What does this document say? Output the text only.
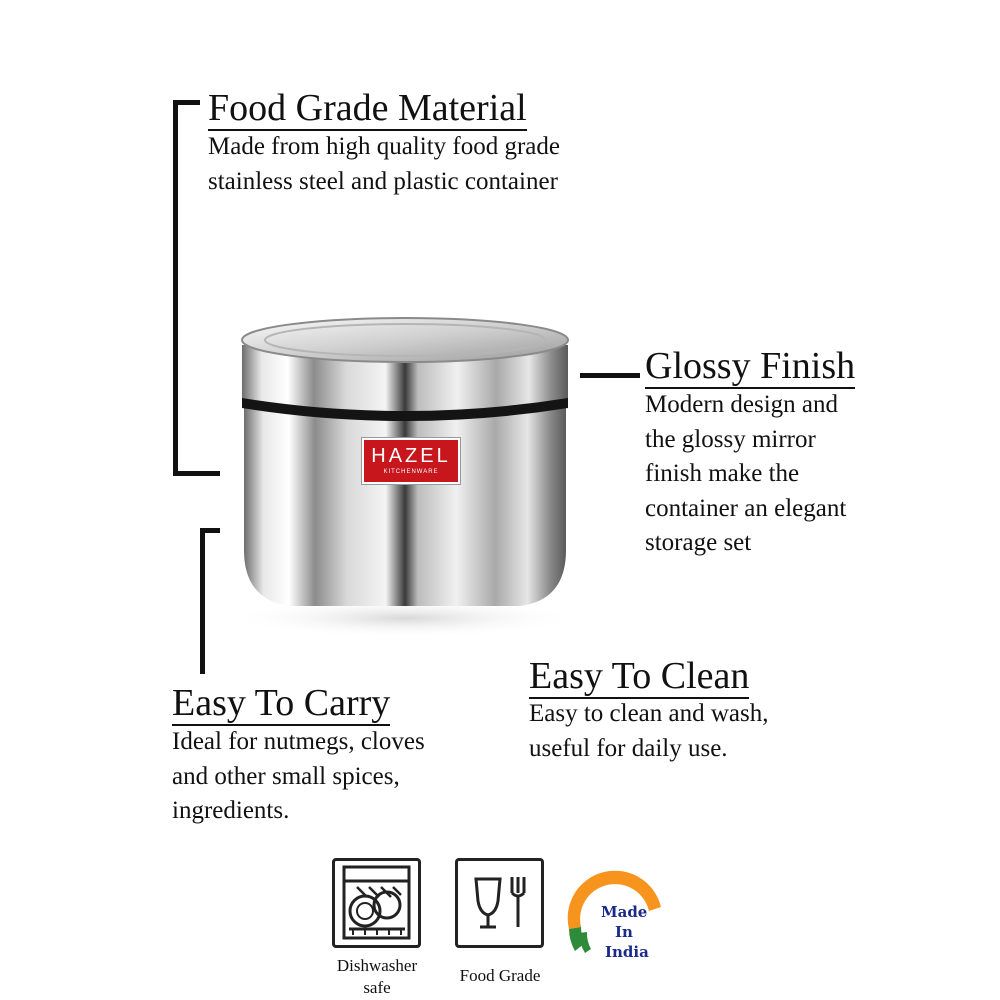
Food Grade Material
Made from high quality food grade
stainless steel and plastic container
Glossy Finish
Modern design and
the glossy mirror
finish make the
container an elegant
storage set
Easy To Carry
Ideal for nutmegs, cloves
and other small spices,
ingredients.
Easy To Clean
Easy to clean and wash,
useful for daily use.
HAZEL
KITCHENWARE
Dishwasher
safe
Food Grade
Made
In
India
